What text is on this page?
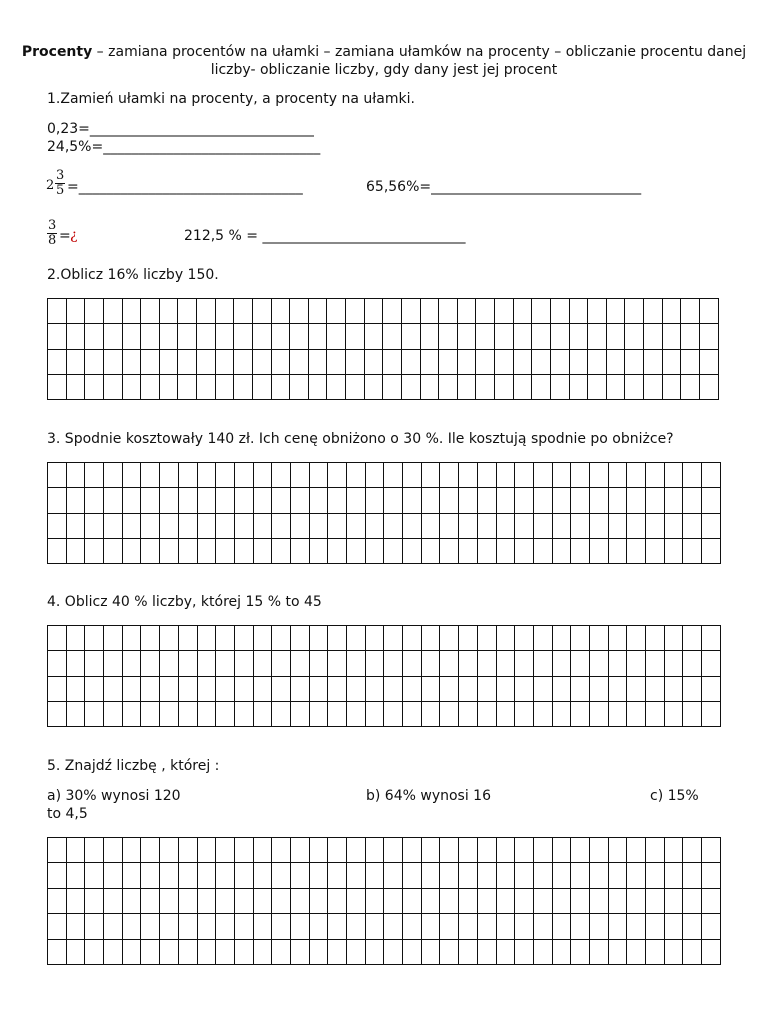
Procenty – zamiana procentów na ułamki – zamiana ułamków na procenty – obliczanie procentu danej liczby- obliczanie liczby, gdy dany jest jej procent
1.Zamień ułamki na procenty, a procenty na ułamki.
0,23=________________________________
24,5%=_______________________________
$2 \frac{3}{5}$ =________________________________	65,56%=______________________________
$\frac{3}{8}$ = ¿	212,5 % = _____________________________
2.Oblicz 16% liczby 150.

3. Spodnie kosztowały 140 zł. Ich cenę obniżono o 30 %. Ile kosztują spodnie po obniżce?

4. Oblicz 40 % liczby, której 15 % to 45

5. Znajdź liczbę , której :
a) 30% wynosi 120	b) 64% wynosi 16	c) 15%
to 4,5
